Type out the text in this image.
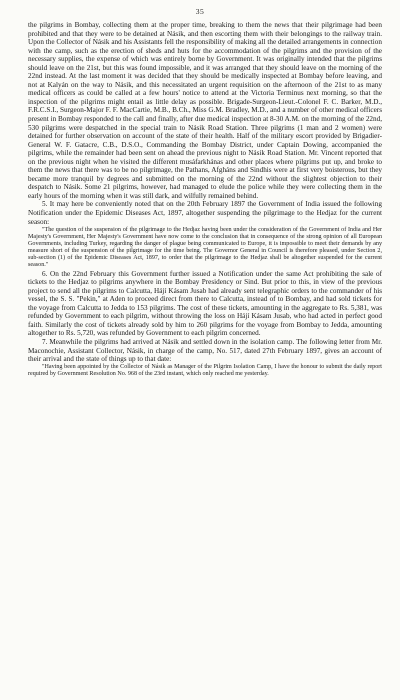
35

the pilgrims in Bombay, collecting them at the proper time, breaking to them the news that their pilgrimage had been prohibited and that they were to be detained at Násik, and then escorting them with their belongings to the railway train. Upon the Collector of Násik and his Assistants fell the responsibility of making all the detailed arrangements in connection with the camp, such as the erection of sheds and huts for the accommodation of the pilgrims and the provision of the necessary supplies, the expense of which was entirely borne by Government. It was originally intended that the pilgrims should leave on the 21st, but this was found impossible, and it was arranged that they should leave on the morning of the 22nd instead. At the last moment it was decided that they should be medically inspected at Bombay before leaving, and not at Kalyán on the way to Násik, and this necessitated an urgent requisition on the afternoon of the 21st to as many medical officers as could be called at a few hours' notice to attend at the Victoria Terminus next morning, so that the inspection of the pilgrims might entail as little delay as possible. Brigade-Surgeon-Lieut.-Colonel F. C. Barker, M.D., F.R.C.S.I., Surgeon-Major F. F. MacCartie, M.B., B.Ch., Miss G.M. Bradley, M.D., and a number of other medical officers present in Bombay responded to the call and finally, after due medical inspection at 8-30 A.M. on the morning of the 22nd, 530 pilgrims were despatched in the special train to Násik Road Station. Three pilgrims (1 man and 2 women) were detained for further observation on account of the state of their health. Half of the military escort provided by Brigadier-General W. F. Gatacre, C.B., D.S.O., Commanding the Bombay District, under Captain Dowing, accompanied the pilgrims, while the remainder had been sent on ahead the previous night to Násik Road Station. Mr. Vincent reported that on the previous night when he visited the different musáfarkhánas and other places where pilgrims put up, and broke to them the news that there was to be no pilgrimage, the Pathans, Afgháns and Sindhis were at first very boisterous, but they became more tranquil by degrees and submitted on the morning of the 22nd without the slightest objection to their despatch to Násik. Some 21 pilgrims, however, had managed to elude the police while they were collecting them in the early hours of the morning when it was still dark, and wilfully remained behind.

5. It may here be conveniently noted that on the 20th February 1897 the Government of India issued the following Notification under the Epidemic Diseases Act, 1897, altogether suspending the pilgrimage to the Hedjaz for the current season:

"The question of the suspension of the pilgrimage to the Hedjaz having been under the consideration of the Government of India and Her Majesty's Government, Her Majesty's Government have now come to the conclusion that in consequence of the strong opinion of all European Governments, including Turkey, regarding the danger of plague being communicated to Europe, it is impossible to meet their demands by any measure short of the suspension of the pilgrimage for the time being. The Governor General in Council is therefore pleased, under Section 2, sub-section (1) of the Epidemic Diseases Act, 1897, to order that the pilgrimage to the Hedjaz shall be altogether suspended for the current season."

6. On the 22nd February this Government further issued a Notification under the same Act prohibiting the sale of tickets to the Hedjaz to pilgrims anywhere in the Bombay Presidency or Sind. But prior to this, in view of the previous project to send all the pilgrims to Calcutta, Hájí Kásam Jusab had already sent telegraphic orders to the commander of his vessel, the S. S. "Pekin," at Aden to proceed direct from there to Calcutta, instead of to Bombay, and had sold tickets for the voyage from Calcutta to Jedda to 153 pilgrims. The cost of these tickets, amounting in the aggregate to Rs. 5,381, was refunded by Government to each pilgrim, without throwing the loss on Hájí Kásam Jusab, who had acted in perfect good faith. Similarly the cost of tickets already sold by him to 260 pilgrims for the voyage from Bombay to Jedda, amounting altogether to Rs. 5,720, was refunded by Government to each pilgrim concerned.

7. Meanwhile the pilgrims had arrived at Násik and settled down in the isolation camp. The following letter from Mr. Maconochie, Assistant Collector, Násik, in charge of the camp, No. 517, dated 27th February 1897, gives an account of their arrival and the state of things up to that date:

"Having been appointed by the Collector of Násik as Manager of the Pilgrim Isolation Camp, I have the honour to submit the daily report required by Government Resolution No. 968 of the 23rd instant, which only reached me yesterday.
